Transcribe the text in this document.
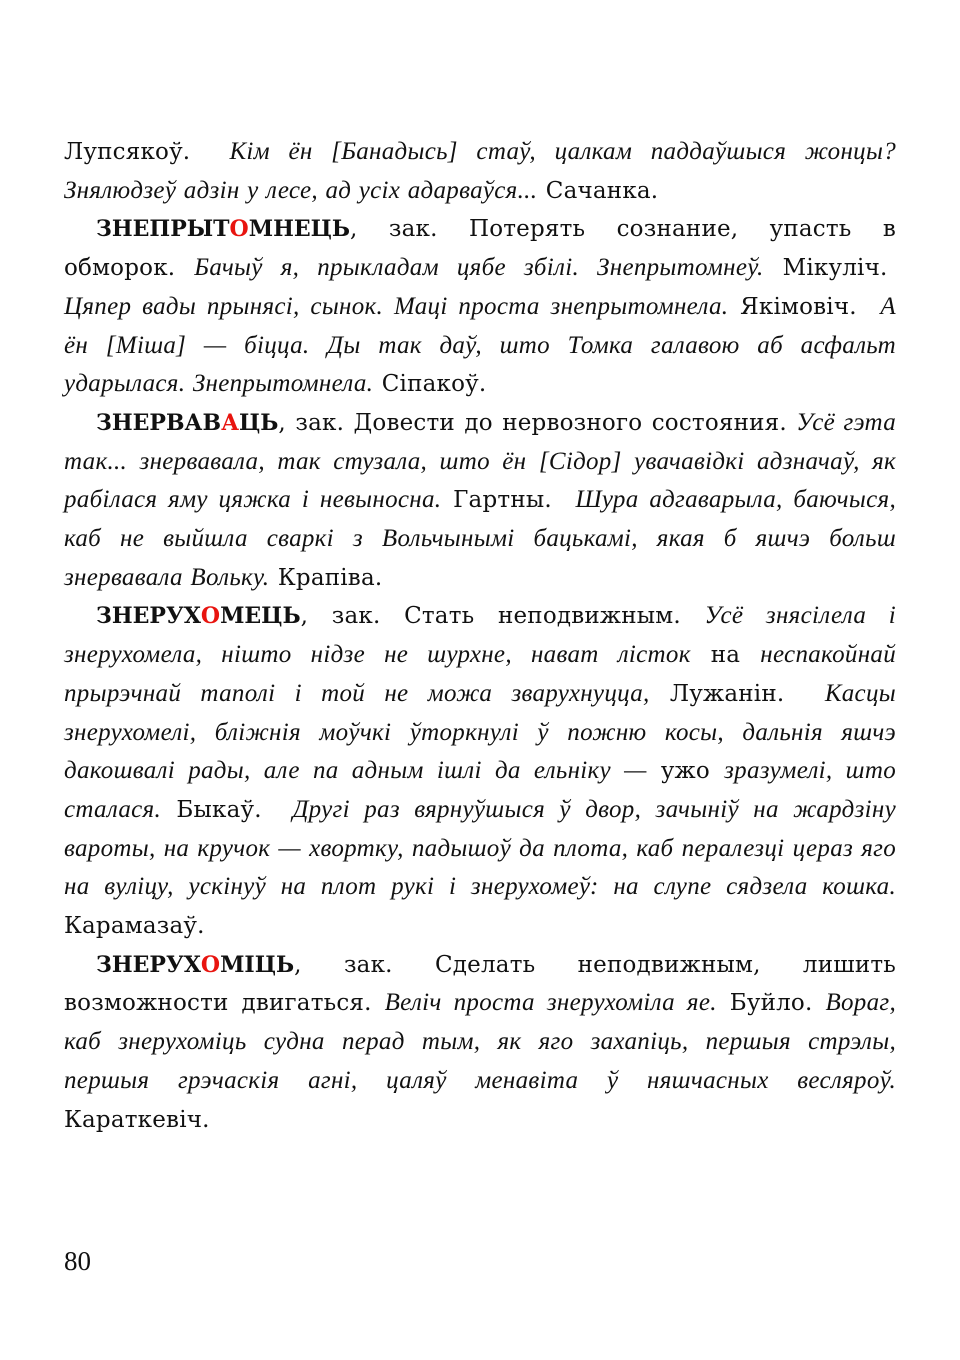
Лупсякоў. Кім ён [Банадысь] стаў, цалкам паддаўшыся жонцы? Знялюдзеў адзін у лесе, ад усіх адарваўся... Сачанка.

ЗНЕПРЫТОМНЕЦЬ, зак. Потерять сознание, упасть в обморок. Бачыў я, прыкладам цябе збілі. Знепрытомнеў. Мікуліч.  Цяпер вады прынясі, сынок. Маці проста знепрытомнела. Якімовіч. А ён [Міша] — біцца. Ды так даў, што Томка галавою аб асфальт ударылася. Знепрытомнела. Сіпакоў.

ЗНЕРВАВАЦЬ, зак. Довести до нервозного состояния. Усё гэта так... знервавала, так стузала, што ён [Сідор] увачавідкі адзначаў, як рабілася яму цяжка і невыносна. Гартны. Шура адгаварыла, баючыся, каб не выйшла сваркі з Вольчынымі бацькамі, якая б яшчэ больш знервавала Вольку. Крапіва.

ЗНЕРУХОМЕЦЬ, зак. Стать неподвижным. Усё знясілела і знерухомела, нішто нідзе не шурхне, нават лісток на неспакойнай прырэчнай таполі і той не можа зварухнуцца, Лужанін. Касцы знерухомелі, бліжнія моўчкі ўторкнулі ў пожню косы, дальнія яшчэ дакошвалі рады, але па адным ішлі да ельніку — ужо зразумелі, што сталася. Быкаў. Другі раз вярнуўшыся ў двор, зачыніў на жардзіну вароты, на кручок — хвортку, падышоў да плота, каб пералезці цераз яго на вуліцу, ускінуў на плот рукі і знерухомеў: на слупе сядзела кошка. Карамазаў.

ЗНЕРУХОМІЦЬ, зак. Сделать неподвижным, лишить возможности двигаться. Веліч проста знерухоміла яе. Буйло. Вораг, каб знерухоміць судна перад тым, як яго захапіць, першыя стрэлы, першыя грэчаскія агні, цаляў менавіта ў няшчасных весляроў. Караткевіч.

80
